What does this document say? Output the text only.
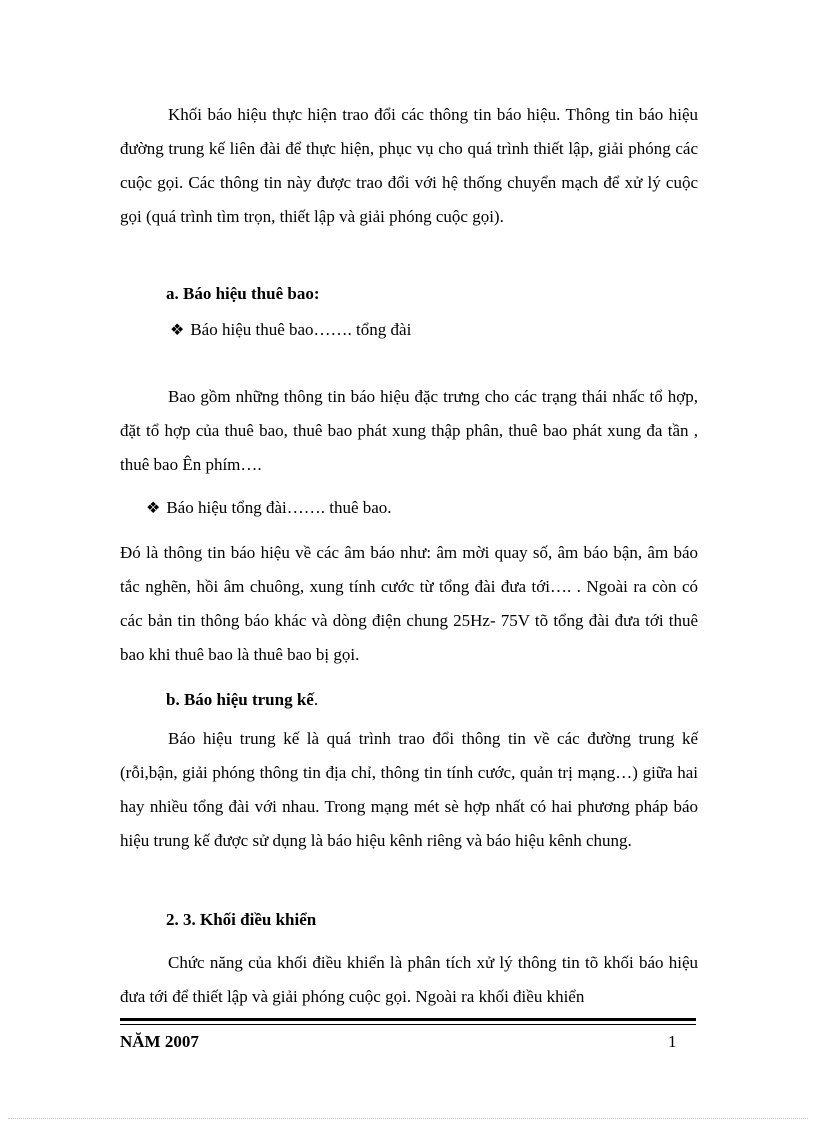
Khối báo hiệu thực hiện trao đổi các thông tin báo hiệu. Thông tin báo hiệu đường trung kế liên đài để thực hiện, phục vụ cho quá trình thiết lập, giải phóng các cuộc gọi. Các thông tin này được trao đổi với hệ thống chuyển mạch để xử lý cuộc gọi (quá trình tìm trọn, thiết lập và giải phóng cuộc gọi).

a. Báo hiệu thuê bao:

❖ Báo hiệu thuê bao……. tổng đài

Bao gồm những thông tin báo hiệu đặc trưng cho các trạng thái nhấc tổ hợp, đặt tổ hợp của thuê bao, thuê bao phát xung thập phân, thuê bao phát xung đa tần , thuê bao Ên phím….

❖ Báo hiệu tổng đài……. thuê bao.

Đó là thông tin báo hiệu về các âm báo như: âm mời quay số, âm báo bận, âm báo tắc nghẽn, hồi âm chuông, xung tính cước từ tổng đài đưa tới…. . Ngoài ra còn có các bản tin thông báo khác và dòng điện chung 25Hz- 75V tõ tổng đài đưa tới thuê bao khi thuê bao là thuê bao bị gọi.

b. Báo hiệu trung kế.

Báo hiệu trung kế là quá trình trao đổi thông tin về các đường trung kế (rỗi,bận, giải phóng thông tin địa chỉ, thông tin tính cước, quản trị mạng…) giữa hai hay nhiều tổng đài với nhau. Trong mạng mét sè hợp nhất có hai phương pháp báo hiệu trung kế được sử dụng là báo hiệu kênh riêng và báo hiệu kênh chung.

2. 3. Khối điều khiển

Chức năng của khối điều khiển là phân tích xử lý thông tin tõ khối báo hiệu đưa tới để thiết lập và giải phóng cuộc gọi. Ngoài ra khối điều khiển

NĂM 2007	1
